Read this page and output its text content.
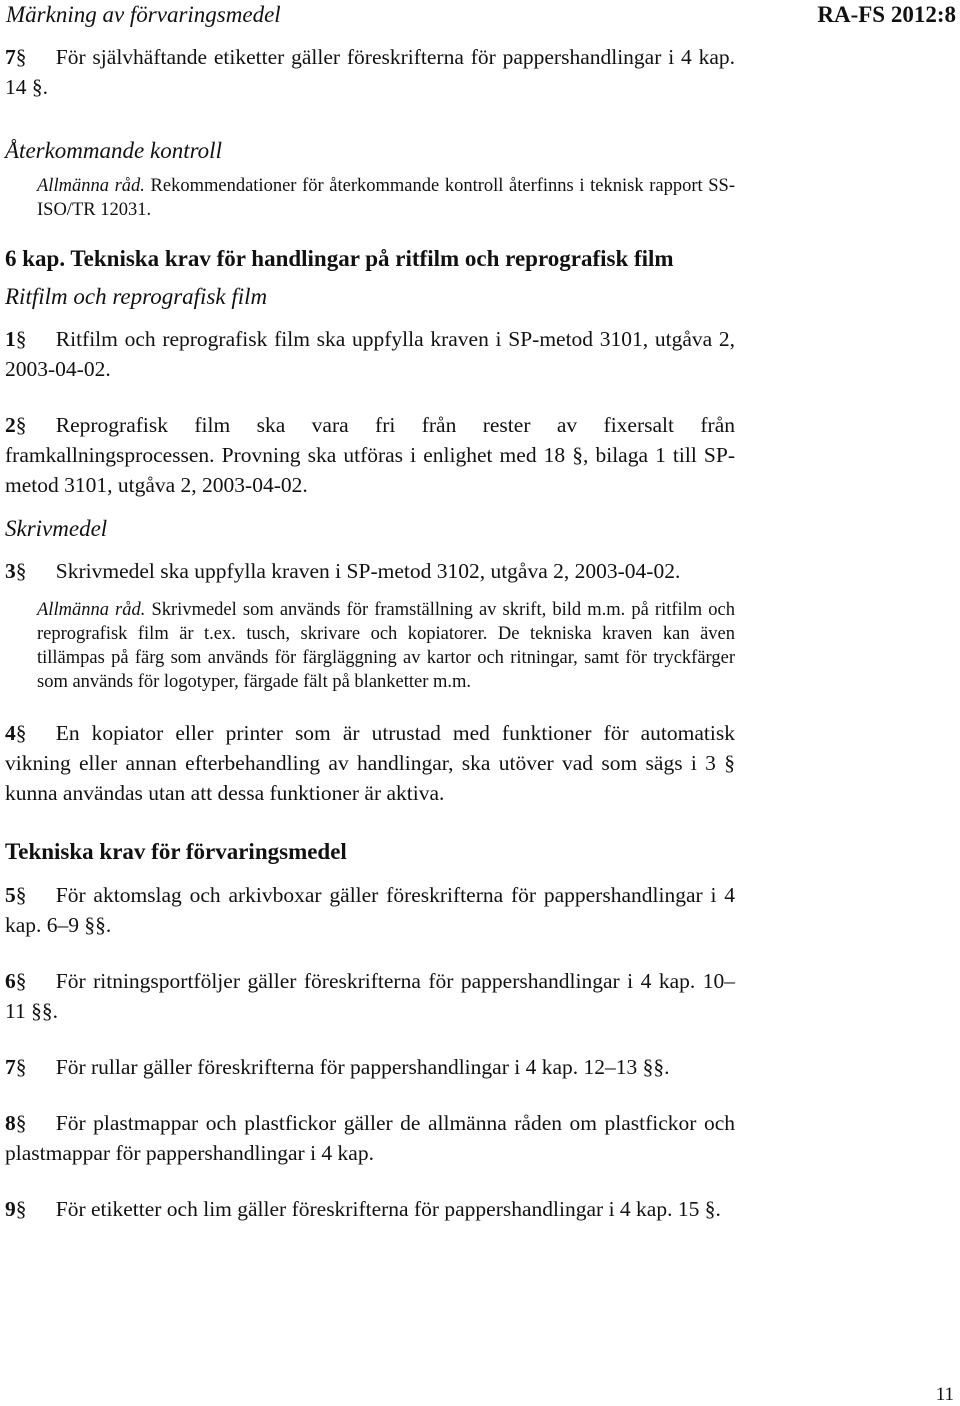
Märkning av förvaringsmedel	RA-FS 2012:8

7§ För självhäftande etiketter gäller föreskrifterna för pappershandlingar i 4 kap. 14 §.

Återkommande kontroll

Allmänna råd. Rekommendationer för återkommande kontroll återfinns i teknisk rapport SS-ISO/TR 12031.

6 kap. Tekniska krav för handlingar på ritfilm och reprografisk film
Ritfilm och reprografisk film

1§ Ritfilm och reprografisk film ska uppfylla kraven i SP-metod 3101, utgåva 2, 2003-04-02.

2§ Reprografisk film ska vara fri från rester av fixersalt från framkallningsprocessen. Provning ska utföras i enlighet med 18 §, bilaga 1 till SP-metod 3101, utgåva 2, 2003-04-02.

Skrivmedel

3§ Skrivmedel ska uppfylla kraven i SP-metod 3102, utgåva 2, 2003-04-02.

Allmänna råd. Skrivmedel som används för framställning av skrift, bild m.m. på ritfilm och reprografisk film är t.ex. tusch, skrivare och kopiatorer. De tekniska kraven kan även tillämpas på färg som används för färgläggning av kartor och ritningar, samt för tryckfärger som används för logotyper, färgade fält på blanketter m.m.

4§ En kopiator eller printer som är utrustad med funktioner för automatisk vikning eller annan efterbehandling av handlingar, ska utöver vad som sägs i 3 § kunna användas utan att dessa funktioner är aktiva.

Tekniska krav för förvaringsmedel

5§ För aktomslag och arkivboxar gäller föreskrifterna för pappershandlingar i 4 kap. 6–9 §§.

6§ För ritningsportföljer gäller föreskrifterna för pappershandlingar i 4 kap. 10–11 §§.

7§ För rullar gäller föreskrifterna för pappershandlingar i 4 kap. 12–13 §§.

8§ För plastmappar och plastfickor gäller de allmänna råden om plastfickor och plastmappar för pappershandlingar i 4 kap.

9§ För etiketter och lim gäller föreskrifterna för pappershandlingar i 4 kap. 15 §.

11
